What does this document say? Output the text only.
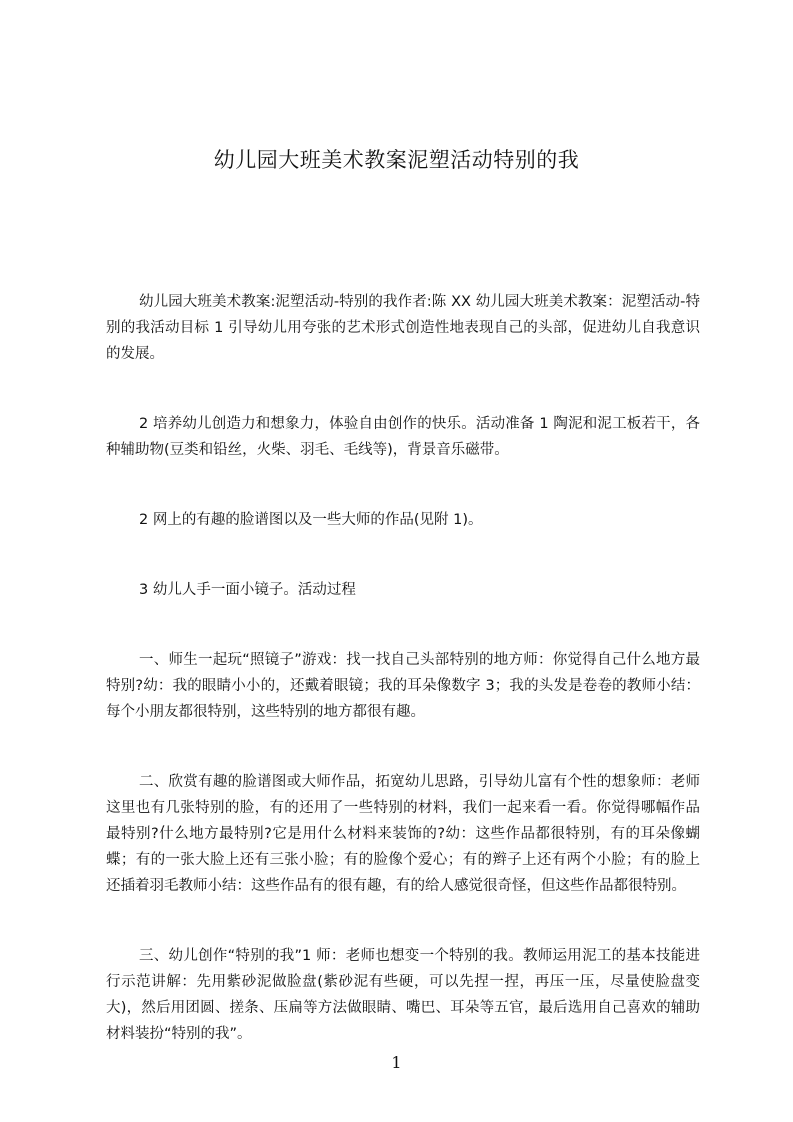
幼儿园大班美术教案泥塑活动特别的我

幼儿园大班美术教案:泥塑活动-特别的我作者:陈 XX 幼儿园大班美术教案：泥塑活动-特别的我活动目标 1 引导幼儿用夸张的艺术形式创造性地表现自己的头部，促进幼儿自我意识的发展。

2 培养幼儿创造力和想象力，体验自由创作的快乐。活动准备 1 陶泥和泥工板若干，各种辅助物(豆类和铅丝，火柴、羽毛、毛线等)，背景音乐磁带。

2 网上的有趣的脸谱图以及一些大师的作品(见附 1)。

3 幼儿人手一面小镜子。活动过程

一、师生一起玩“照镜子”游戏：找一找自己头部特别的地方师：你觉得自己什么地方最特别?幼：我的眼睛小小的，还戴着眼镜；我的耳朵像数字 3；我的头发是卷卷的教师小结：每个小朋友都很特别，这些特别的地方都很有趣。

二、欣赏有趣的脸谱图或大师作品，拓宽幼儿思路，引导幼儿富有个性的想象师：老师这里也有几张特别的脸，有的还用了一些特别的材料，我们一起来看一看。你觉得哪幅作品最特别?什么地方最特别?它是用什么材料来装饰的?幼：这些作品都很特别，有的耳朵像蝴蝶；有的一张大脸上还有三张小脸；有的脸像个爱心；有的辫子上还有两个小脸；有的脸上还插着羽毛教师小结：这些作品有的很有趣，有的给人感觉很奇怪，但这些作品都很特别。

三、幼儿创作“特别的我”1 师：老师也想变一个特别的我。教师运用泥工的基本技能进行示范讲解：先用紫砂泥做脸盘(紫砂泥有些硬，可以先捏一捏，再压一压，尽量使脸盘变大)，然后用团圆、搓条、压扁等方法做眼睛、嘴巴、耳朵等五官，最后选用自己喜欢的辅助材料装扮“特别的我”。

1
